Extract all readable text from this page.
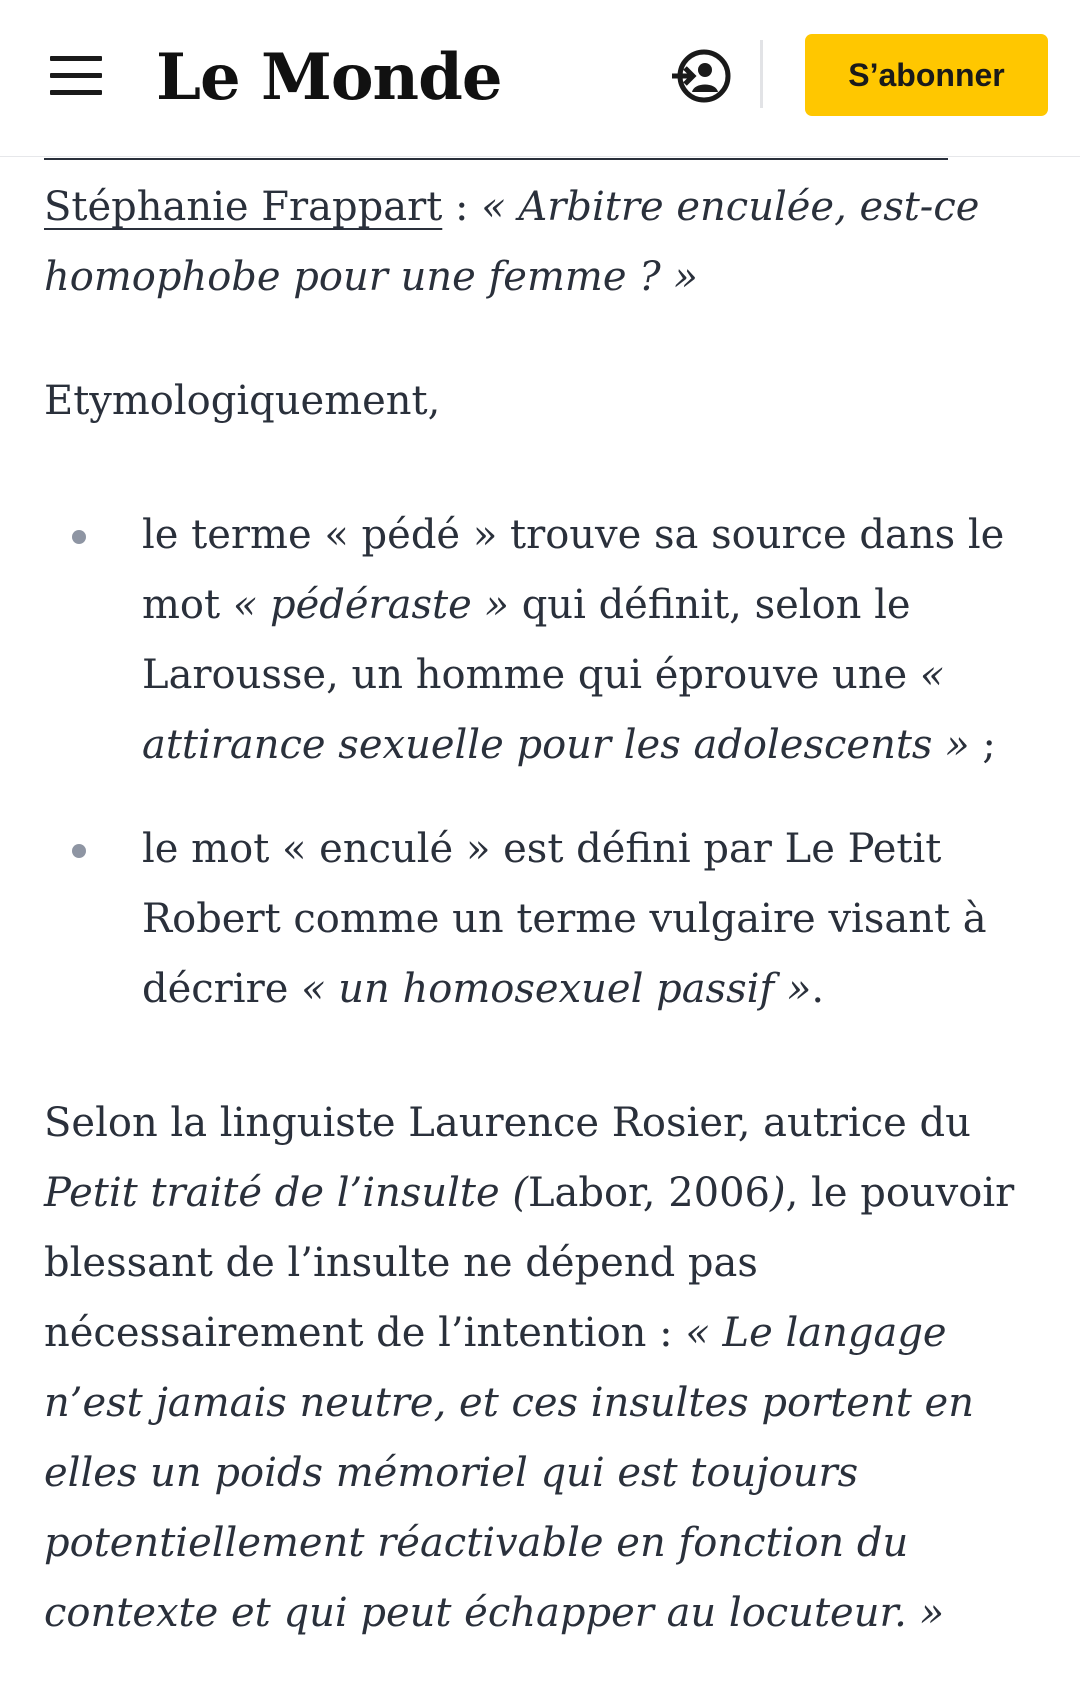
Le Monde	S’abonner

Stéphanie Frappart : « Arbitre enculée, est-ce homophobe pour une femme ? »

Etymologiquement,

le terme « pédé » trouve sa source dans le mot « pédéraste » qui définit, selon le Larousse, un homme qui éprouve une « attirance sexuelle pour les adolescents » ;
le mot « enculé » est défini par Le Petit Robert comme un terme vulgaire visant à décrire « un homosexuel passif ».

Selon la linguiste Laurence Rosier, autrice du Petit traité de l’insulte (Labor, 2006), le pouvoir blessant de l’insulte ne dépend pas nécessairement de l’intention : « Le langage n’est jamais neutre, et ces insultes portent en elles un poids mémoriel qui est toujours potentiellement réactivable en fonction du contexte et qui peut échapper au locuteur. »
